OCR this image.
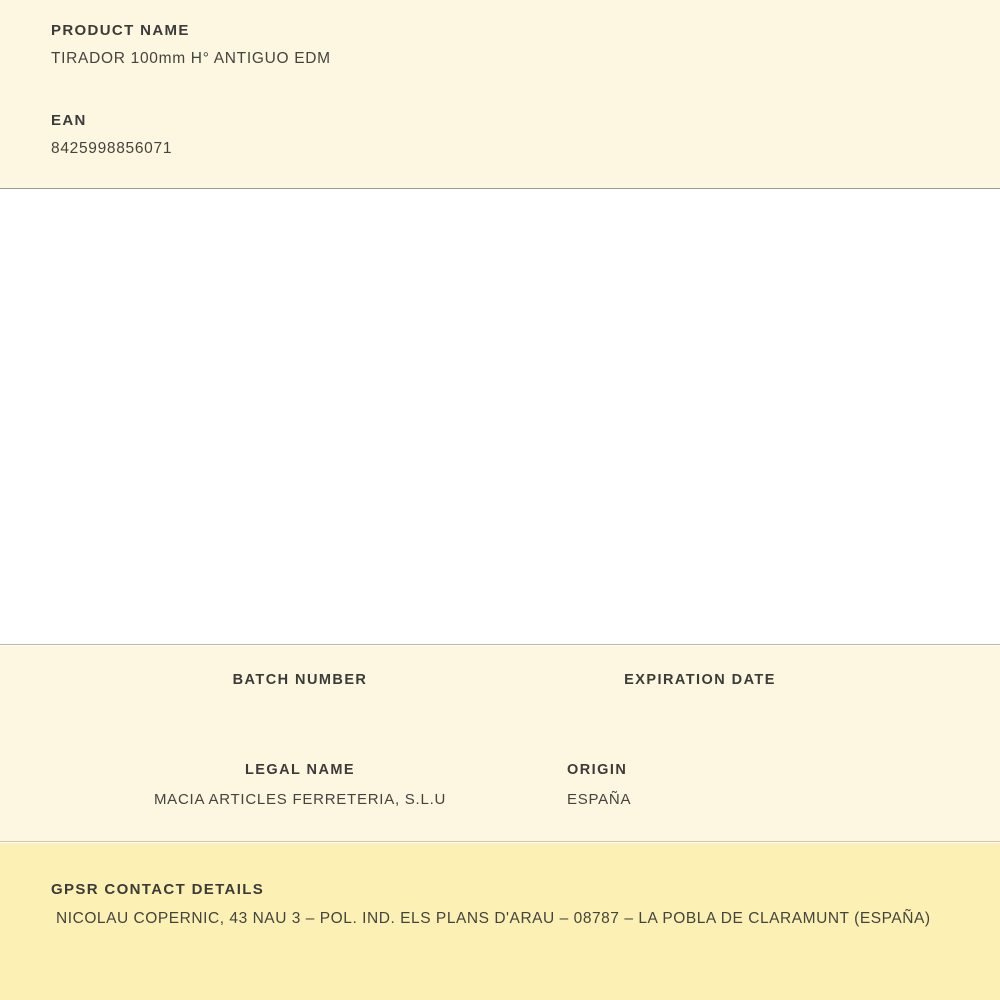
PRODUCT NAME

TIRADOR 100mm H° ANTIGUO EDM

EAN

8425998856071

BATCH NUMBER	EXPIRATION DATE

LEGAL NAME

MACIA ARTICLES FERRETERIA, S.L.U

ORIGIN

ESPAÑA

GPSR CONTACT DETAILS

NICOLAU COPERNIC, 43 NAU 3 – POL. IND. ELS PLANS D'ARAU – 08787 – LA POBLA DE CLARAMUNT (ESPAÑA)
